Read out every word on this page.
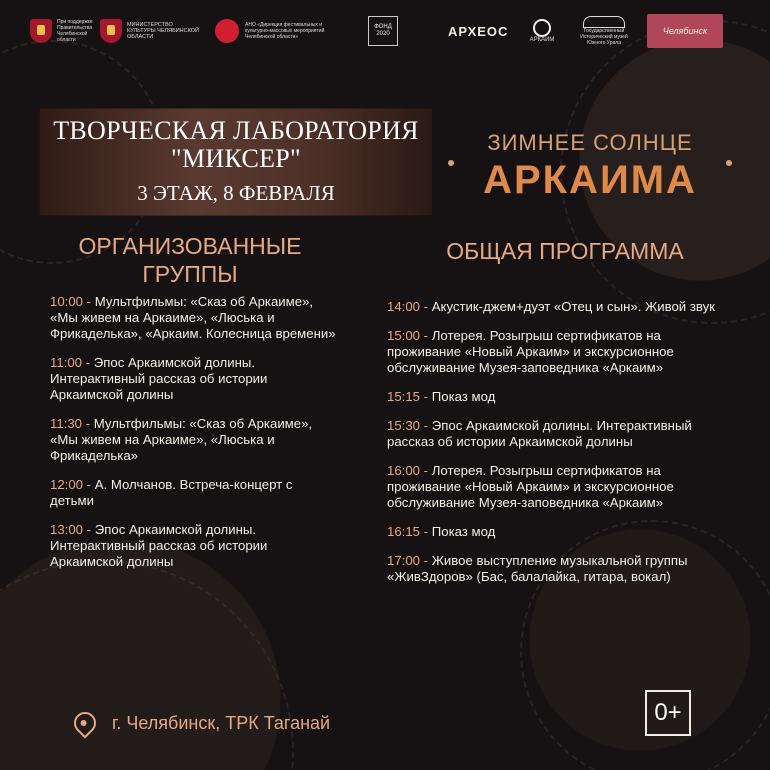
При поддержке Правительства Челябинской области
МИНИСТЕРСТВО КУЛЬТУРЫ ЧЕЛЯБИНСКОЙ ОБЛАСТИ
АНО «Дирекция фестивальных и культурно-массовых мероприятий Челябинской области»
ФОНД 2020	АРХЕОС
АРКАИМ
Государственный Исторический музей Южного Урала
Челябинск
ТВОРЧЕСКАЯ ЛАБОРАТОРИЯ
"МИКСЕР"
3 ЭТАЖ, 8 ФЕВРАЛЯ
ЗИМНЕЕ СОЛНЦЕ
АРКАИМА
ОРГАНИЗОВАННЫЕ
ГРУППЫ
ОБЩАЯ ПРОГРАММА
10:00 - Мультфильмы: «Сказ об Аркаиме», «Мы живем на Аркаиме», «Люська и Фрикаделька», «Аркаим. Колесница времени»
11:00 - Эпос Аркаимской долины. Интерактивный рассказ об истории Аркаимской долины
11:30 - Мультфильмы: «Сказ об Аркаиме», «Мы живем на Аркаиме», «Люська и Фрикаделька»
12:00 - А. Молчанов. Встреча-концерт с детьми
13:00 - Эпос Аркаимской долины. Интерактивный рассказ об истории Аркаимской долины
14:00 - Акустик-джем+дуэт «Отец и сын». Живой звук
15:00 - Лотерея. Розыгрыш сертификатов на проживание «Новый Аркаим» и экскурсионное обслуживание Музея-заповедника «Аркаим»
15:15 - Показ мод
15:30 - Эпос Аркаимской долины. Интерактивный рассказ об истории Аркаимской долины
16:00 - Лотерея. Розыгрыш сертификатов на проживание «Новый Аркаим» и экскурсионное обслуживание Музея-заповедника «Аркаим»
16:15 - Показ мод
17:00 - Живое выступление музыкальной группы «ЖивЗдоров» (Бас, балалайка, гитара, вокал)
г. Челябинск, ТРК Таганай	0+
